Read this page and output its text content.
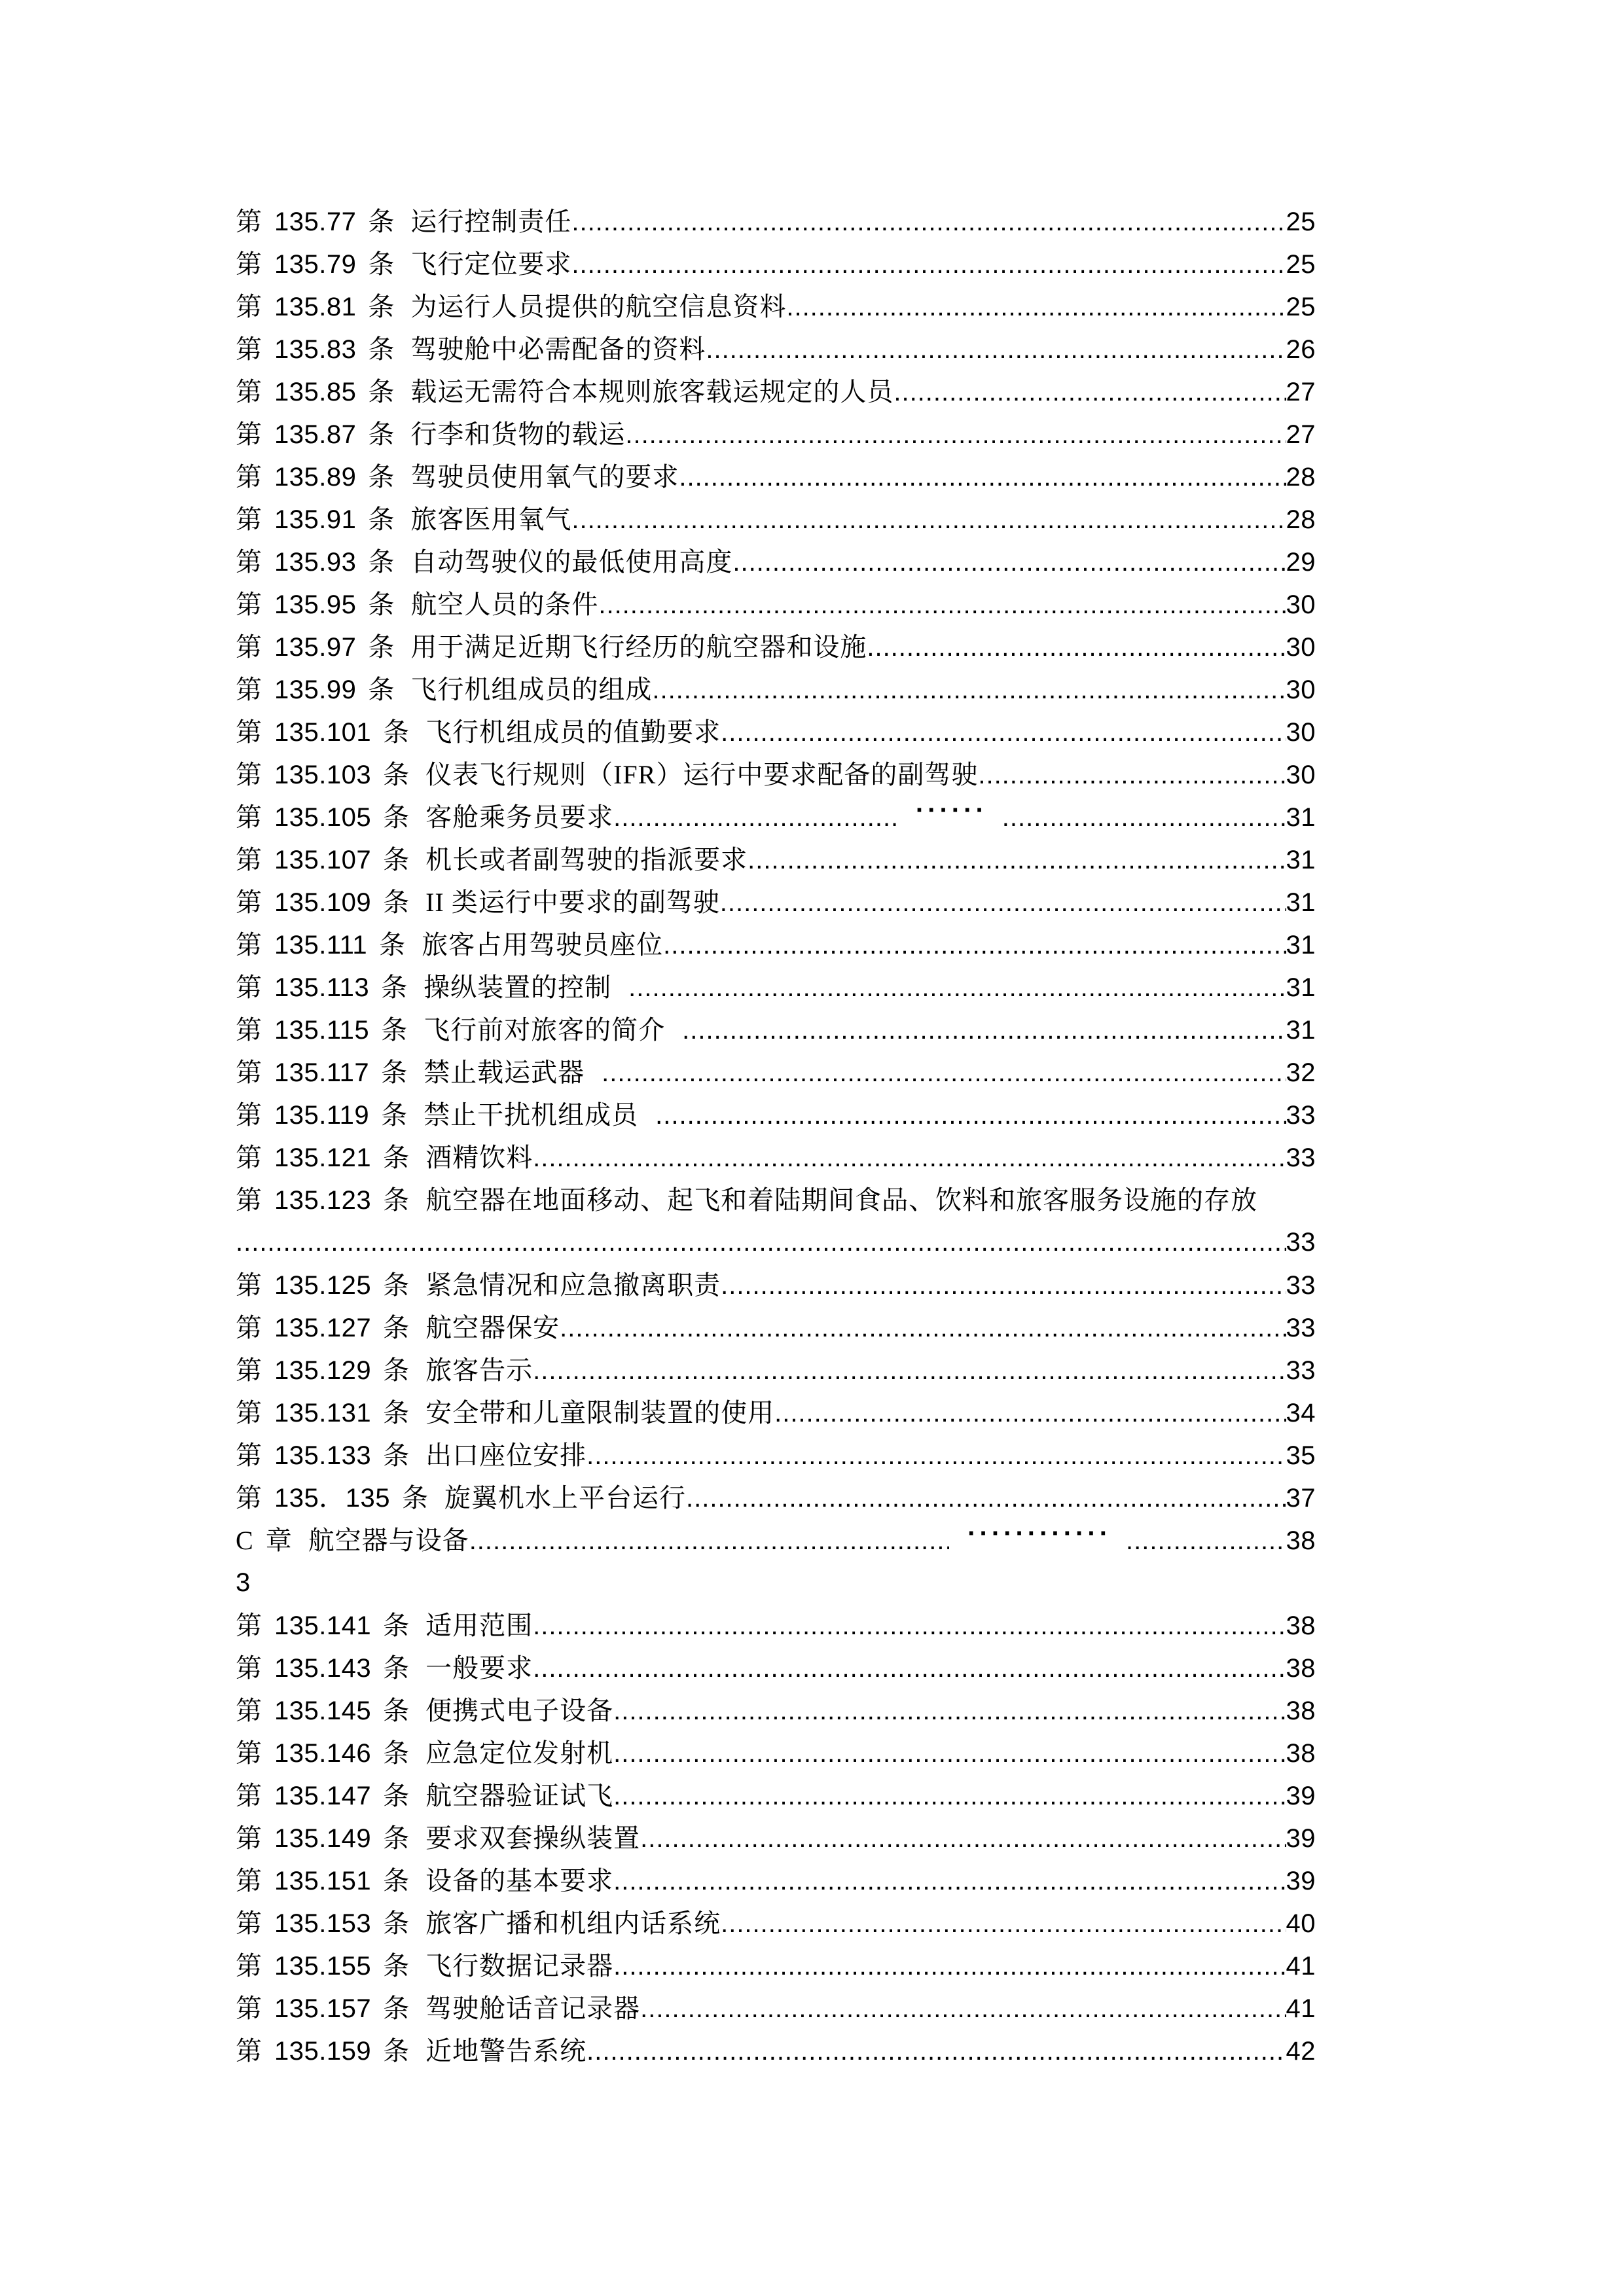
第 135.77 条 运行控制责任 .....	25
第 135.79 条 飞行定位要求 .....	25
第 135.81 条 为运行人员提供的航空信息资料 .....	25
第 135.83 条 驾驶舱中必需配备的资料 .....	26
第 135.85 条 载运无需符合本规则旅客载运规定的人员 .....	27
第 135.87 条 行李和货物的载运 .....	27
第 135.89 条 驾驶员使用氧气的要求 .....	28
第 135.91 条 旅客医用氧气 .....	28
第 135.93 条 自动驾驶仪的最低使用高度 .....	29
第 135.95 条 航空人员的条件 .....	30
第 135.97 条 用于满足近期飞行经历的航空器和设施 .....	30
第 135.99 条 飞行机组成员的组成 .....	30
第 135.101 条 飞行机组成员的值勤要求 .....	30
第 135.103 条 仪表飞行规则（IFR）运行中要求配备的副驾驶 .....	30
第 135.105 条 客舱乘务员要求 .....	······ .....	31
第 135.107 条 机长或者副驾驶的指派要求 .....	31
第 135.109 条 II 类运行中要求的副驾驶 .....	31
第 135.111 条 旅客占用驾驶员座位 .....	31
第 135.113 条 操纵装置的控制 .....	31
第 135.115 条 飞行前对旅客的简介 .....	31
第 135.117 条 禁止载运武器 .....	32
第 135.119 条 禁止干扰机组成员 .....	33
第 135.121 条 酒精饮料 .....	33
第 135.123 条 航空器在地面移动、起飞和着陆期间食品、饮料和旅客服务设施的存放
.....
33
第 135.125 条 紧急情况和应急撤离职责 .....	33
第 135.127 条 航空器保安 .....	33
第 135.129 条 旅客告示 .....	33
第 135.131 条 安全带和儿童限制装置的使用 .....	34
第 135.133 条 出口座位安排 .....	35
第 135．135 条 旋翼机水上平台运行 .....	37
C 章 航空器与设备 .....	············ .....	38
3
第 135.141 条 适用范围 .....	38
第 135.143 条 一般要求 .....	38
第 135.145 条 便携式电子设备 .....	38
第 135.146 条 应急定位发射机 .....	38
第 135.147 条 航空器验证试飞 .....	39
第 135.149 条 要求双套操纵装置 .....	39
第 135.151 条 设备的基本要求 .....	39
第 135.153 条 旅客广播和机组内话系统 .....	40
第 135.155 条 飞行数据记录器 .....	41
第 135.157 条 驾驶舱话音记录器 .....	41
第 135.159 条 近地警告系统 .....	42
